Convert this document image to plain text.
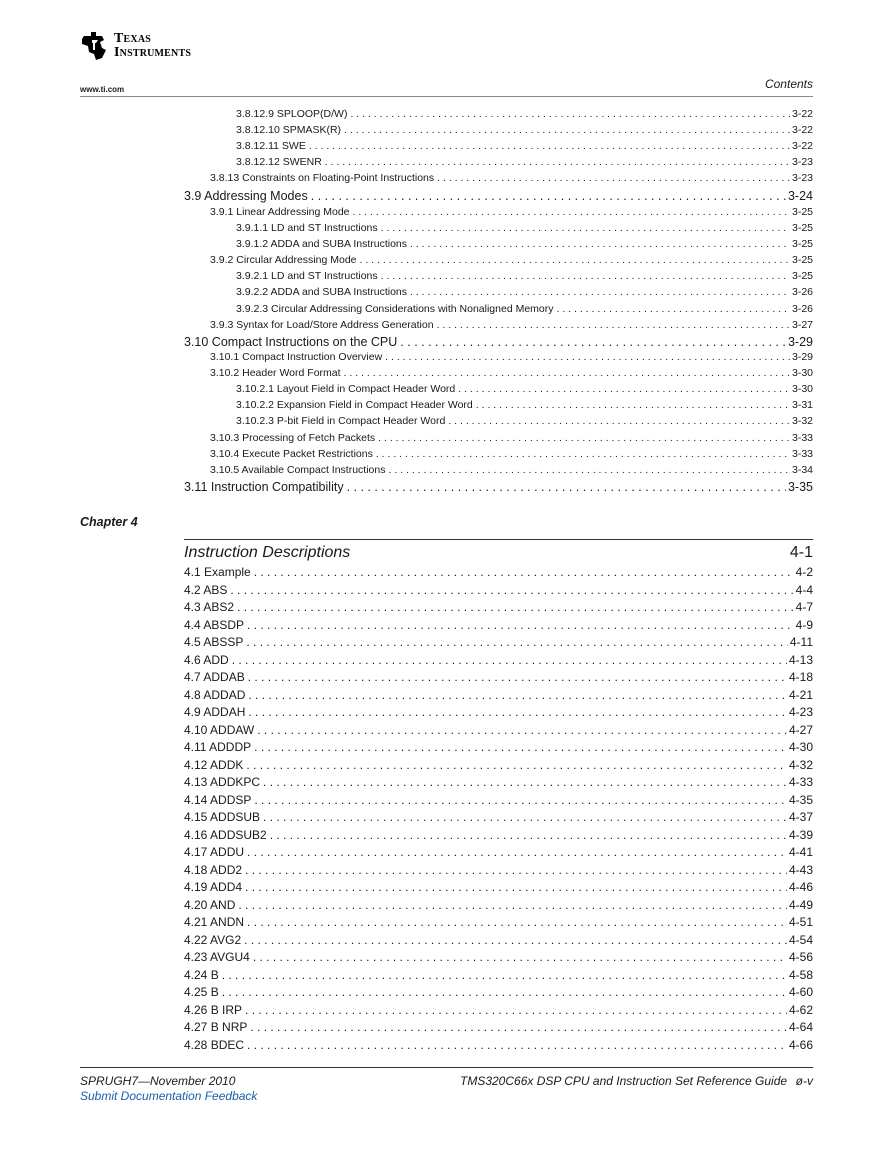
Texas
Instruments
www.ti.com	Contents
3.8.12.9 SPLOOP(D/W) . . .	3-22
3.8.12.10 SPMASK(R) . . .	3-22
3.8.12.11 SWE . . .	3-22
3.8.12.12 SWENR . . .	3-23
3.8.13 Constraints on Floating-Point Instructions . . .	3-23
3.9 Addressing Modes . . .	3-24
3.9.1 Linear Addressing Mode . . .	3-25
3.9.1.1 LD and ST Instructions . . .	3-25
3.9.1.2 ADDA and SUBA Instructions . . .	3-25
3.9.2 Circular Addressing Mode . . .	3-25
3.9.2.1 LD and ST Instructions . . .	3-25
3.9.2.2 ADDA and SUBA Instructions . . .	3-26
3.9.2.3 Circular Addressing Considerations with Nonaligned Memory . . .	3-26
3.9.3 Syntax for Load/Store Address Generation . . .	3-27
3.10 Compact Instructions on the CPU . . .	3-29
3.10.1 Compact Instruction Overview . . .	3-29
3.10.2 Header Word Format . . .	3-30
3.10.2.1 Layout Field in Compact Header Word . . .	3-30
3.10.2.2 Expansion Field in Compact Header Word . . .	3-31
3.10.2.3 P-bit Field in Compact Header Word . . .	3-32
3.10.3 Processing of Fetch Packets . . .	3-33
3.10.4 Execute Packet Restrictions . . .	3-33
3.10.5 Available Compact Instructions . . .	3-34
3.11 Instruction Compatibility . . .	3-35
Chapter 4
Instruction Descriptions	4-1
4.1 Example . . .	4-2
4.2 ABS . . .	4-4
4.3 ABS2 . . .	4-7
4.4 ABSDP . . .	4-9
4.5 ABSSP . . .	4-11
4.6 ADD . . .	4-13
4.7 ADDAB . . .	4-18
4.8 ADDAD . . .	4-21
4.9 ADDAH . . .	4-23
4.10 ADDAW . . .	4-27
4.11 ADDDP . . .	4-30
4.12 ADDK . . .	4-32
4.13 ADDKPC . . .	4-33
4.14 ADDSP . . .	4-35
4.15 ADDSUB . . .	4-37
4.16 ADDSUB2 . . .	4-39
4.17 ADDU . . .	4-41
4.18 ADD2 . . .	4-43
4.19 ADD4 . . .	4-46
4.20 AND . . .	4-49
4.21 ANDN . . .	4-51
4.22 AVG2 . . .	4-54
4.23 AVGU4 . . .	4-56
4.24 B . . .	4-58
4.25 B . . .	4-60
4.26 B IRP . . .	4-62
4.27 B NRP . . .	4-64
4.28 BDEC . . .	4-66
SPRUGH7—November 2010	TMS320C66x DSP CPU and Instruction Set Reference Guide ø-v
Submit Documentation Feedback
